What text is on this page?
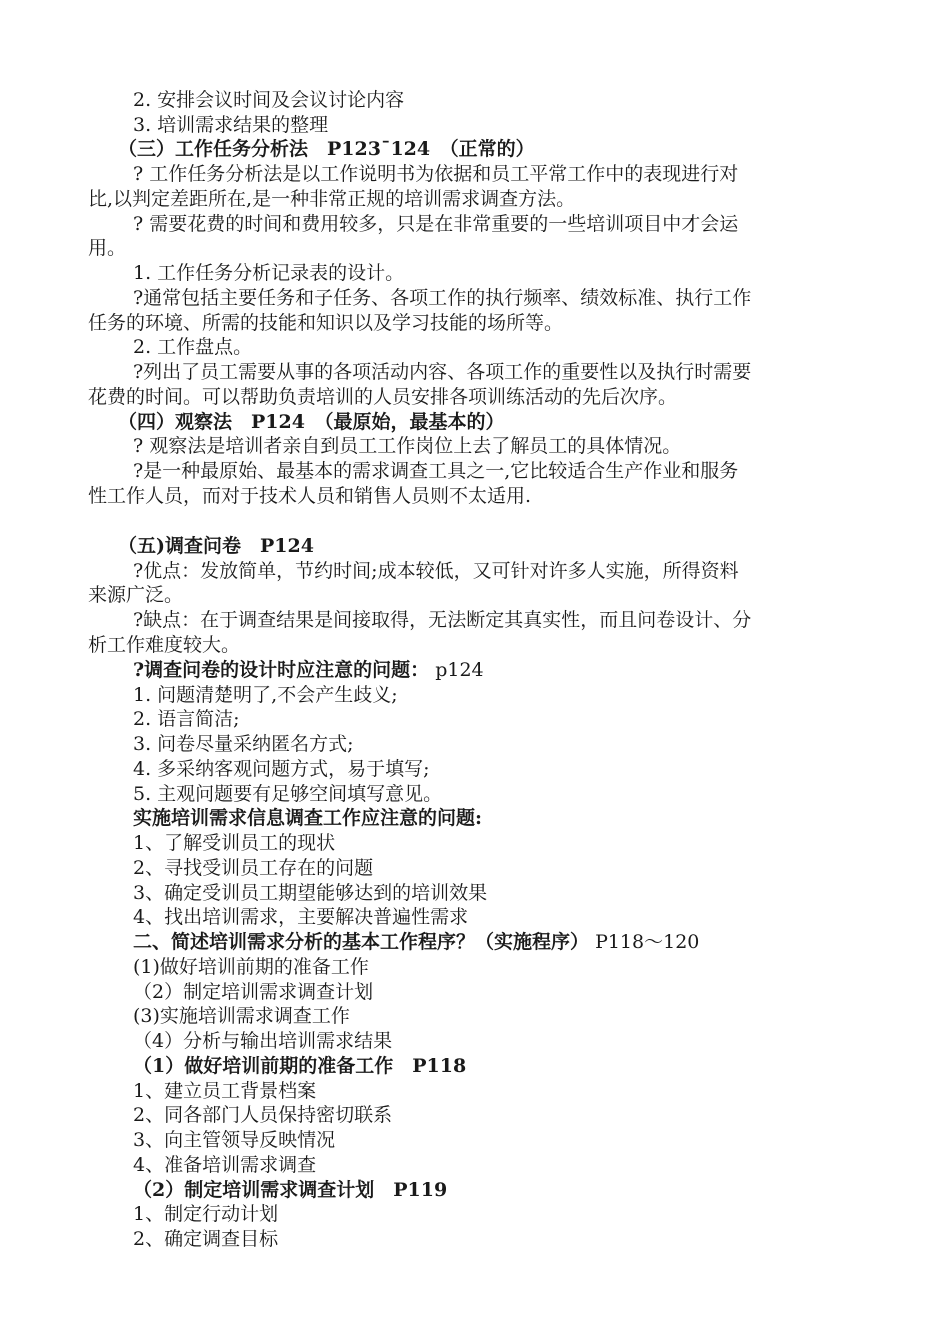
2. 安排会议时间及会议讨论内容
3. 培训需求结果的整理
（三）工作任务分析法　P123¯124　（正常的）
? 工作任务分析法是以工作说明书为依据和员工平常工作中的表现进行对
比,以判定差距所在,是一种非常正规的培训需求调查方法。
? 需要花费的时间和费用较多，只是在非常重要的一些培训项目中才会运
用。
1. 工作任务分析记录表的设计。
?通常包括主要任务和子任务、各项工作的执行频率、绩效标准、执行工作
任务的环境、所需的技能和知识以及学习技能的场所等。
2. 工作盘点。
?列出了员工需要从事的各项活动内容、各项工作的重要性以及执行时需要
花费的时间。可以帮助负责培训的人员安排各项训练活动的先后次序。
（四）观察法　P124　（最原始，最基本的）
? 观察法是培训者亲自到员工工作岗位上去了解员工的具体情况。
?是一种最原始、最基本的需求调查工具之一,它比较适合生产作业和服务
性工作人员，而对于技术人员和销售人员则不太适用.
（五)调查问卷　P124
?优点：发放简单，节约时间;成本较低，又可针对许多人实施，所得资料
来源广泛。
?缺点：在于调查结果是间接取得，无法断定其真实性，而且问卷设计、分
析工作难度较大。
?调查问卷的设计时应注意的问题： p124
1. 问题清楚明了,不会产生歧义;
2. 语言简洁;
3. 问卷尽量采纳匿名方式;
4. 多采纳客观问题方式，易于填写;
5. 主观问题要有足够空间填写意见。
实施培训需求信息调查工作应注意的问题:
1、了解受训员工的现状
2、寻找受训员工存在的问题
3、确定受训员工期望能够达到的培训效果
4、找出培训需求，主要解决普遍性需求
二、简述培训需求分析的基本工作程序？（实施程序） P118～120
(1)做好培训前期的准备工作
（2）制定培训需求调查计划
(3)实施培训需求调查工作
（4）分析与输出培训需求结果
（1）做好培训前期的准备工作　P118
1、建立员工背景档案
2、同各部门人员保持密切联系
3、向主管领导反映情况
4、准备培训需求调查
（2）制定培训需求调查计划　P119
1、制定行动计划
2、确定调查目标
